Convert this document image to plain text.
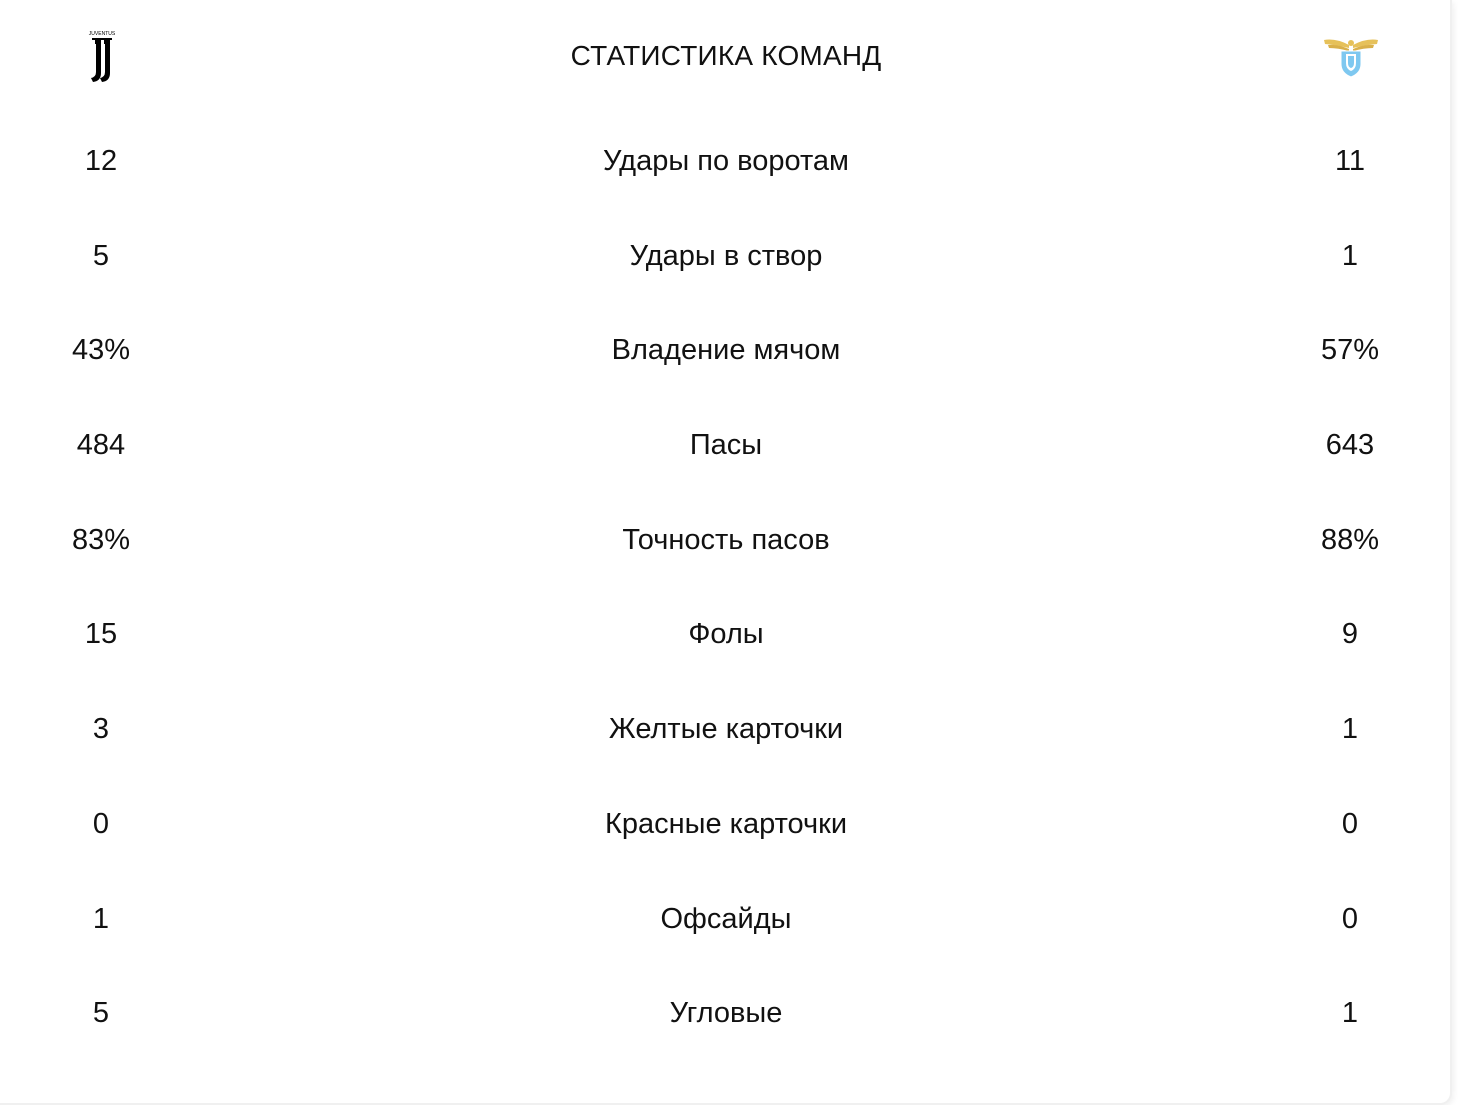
JUVENTUS
СТАТИСТИКА КОМАНД
12	Удары по воротам	11
5	Удары в створ	1
43%	Владение мячом	57%
484	Пасы	643
83%	Точность пасов	88%
15	Фолы	9
3	Желтые карточки	1
0	Красные карточки	0
1	Офсайды	0
5	Угловые	1
